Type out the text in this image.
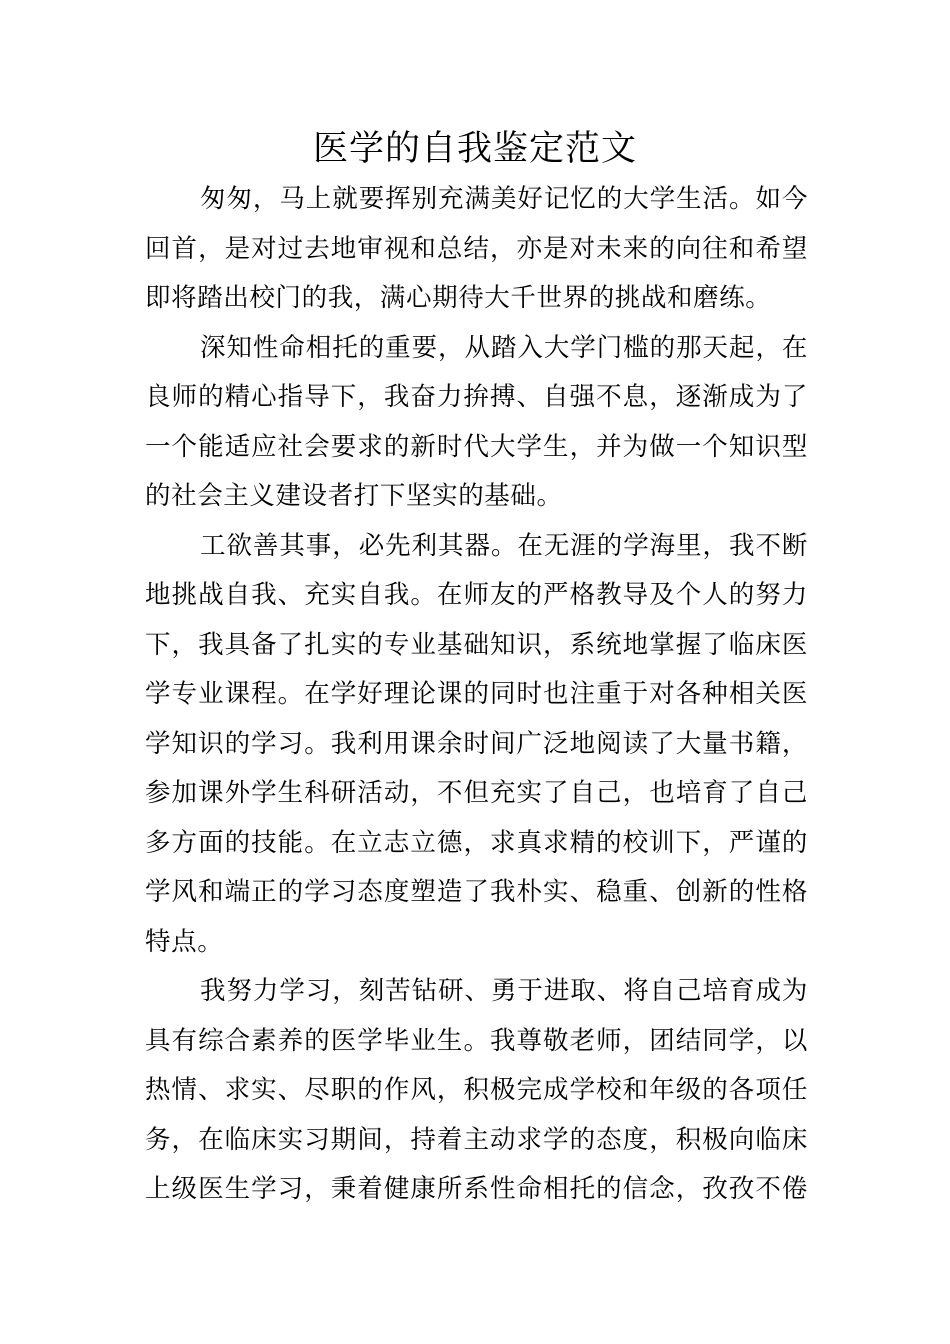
医学的自我鉴定范文
匆匆，马上就要挥别充满美好记忆的大学生活。如今
回首，是对过去地审视和总结，亦是对未来的向往和希望
即将踏出校门的我，满心期待大千世界的挑战和磨练。
深知性命相托的重要，从踏入大学门槛的那天起，在
良师的精心指导下，我奋力拚搏、自强不息，逐渐成为了
一个能适应社会要求的新时代大学生，并为做一个知识型
的社会主义建设者打下坚实的基础。
工欲善其事，必先利其器。在无涯的学海里，我不断
地挑战自我、充实自我。在师友的严格教导及个人的努力
下，我具备了扎实的专业基础知识，系统地掌握了临床医
学专业课程。在学好理论课的同时也注重于对各种相关医
学知识的学习。我利用课余时间广泛地阅读了大量书籍，
参加课外学生科研活动，不但充实了自己，也培育了自己
多方面的技能。在立志立德，求真求精的校训下，严谨的
学风和端正的学习态度塑造了我朴实、稳重、创新的性格
特点。
我努力学习，刻苦钻研、勇于进取、将自己培育成为
具有综合素养的医学毕业生。我尊敬老师，团结同学，以
热情、求实、尽职的作风，积极完成学校和年级的各项任
务，在临床实习期间，持着主动求学的态度，积极向临床
上级医生学习，秉着健康所系性命相托的信念，孜孜不倦
